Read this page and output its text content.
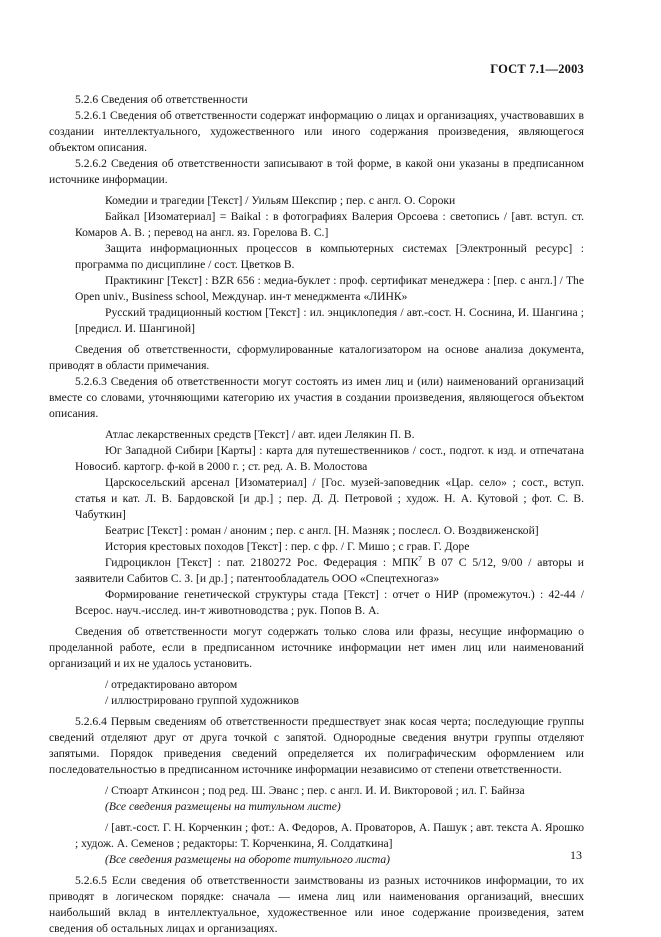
ГОСТ 7.1—2003

5.2.6 Сведения об ответственности

5.2.6.1 Сведения об ответственности содержат информацию о лицах и организациях, участвовавших в создании интеллектуального, художественного или иного содержания произведения, являющегося объектом описания.

5.2.6.2 Сведения об ответственности записывают в той форме, в какой они указаны в предписанном источнике информации.

Комедии и трагедии [Текст] / Уильям Шекспир ; пер. с англ. О. Сороки

Байкал [Изоматериал] = Baikal : в фотографиях Валерия Орсоева : светопись / [авт. вступ. ст. Комаров А. В. ; перевод на англ. яз. Горелова В. С.]

Защита информационных процессов в компьютерных системах [Электронный ресурс] : программа по дисциплине / сост. Цветков В.

Практикинг [Текст] : BZR 656 : медиа-буклет : проф. сертификат менеджера : [пер. с англ.] / The Open univ., Business school, Междунар. ин-т менеджмента «ЛИНК»

Русский традиционный костюм [Текст] : ил. энциклопедия / авт.-сост. Н. Соснина, И. Шангина ; [предисл. И. Шангиной]

Сведения об ответственности, сформулированные каталогизатором на основе анализа документа, приводят в области примечания.

5.2.6.3 Сведения об ответственности могут состоять из имен лиц и (или) наименований организаций вместе со словами, уточняющими категорию их участия в создании произведения, являющегося объектом описания.

Атлас лекарственных средств [Текст] / авт. идеи Лелякин П. В.

Юг Западной Сибири [Карты] : карта для путешественников / сост., подгот. к изд. и отпечатана Новосиб. картогр. ф-кой в 2000 г. ; ст. ред. А. В. Молостова

Царскосельский арсенал [Изоматериал] / [Гос. музей-заповедник «Цар. село» ; сост., вступ. статья и кат. Л. В. Бардовской [и др.] ; пер. Д. Д. Петровой ; худож. Н. А. Кутовой ; фот. С. В. Чабуткин]

Беатрис [Текст] : роман / аноним ; пер. с англ. [Н. Мазняк ; послесл. О. Воздвиженской]

История крестовых походов [Текст] : пер. с фр. / Г. Мишо ; с грав. Г. Доре

Гидроциклон [Текст] : пат. 2180272 Рос. Федерация : МПК$^7$ В 07 С 5/12, 9/00 / авторы и заявители Сабитов С. З. [и др.] ; патентообладатель ООО «Спецтехногаз»

Формирование генетической структуры стада [Текст] : отчет о НИР (промежуточ.) : 42-44 / Всерос. науч.-исслед. ин-т животноводства ; рук. Попов В. А.

Сведения об ответственности могут содержать только слова или фразы, несущие информацию о проделанной работе, если в предписанном источнике информации нет имен лиц или наименований организаций и их не удалось установить.

/ отредактировано автором

/ иллюстрировано группой художников

5.2.6.4 Первым сведениям об ответственности предшествует знак косая черта; последующие группы сведений отделяют друг от друга точкой с запятой. Однородные сведения внутри группы отделяют запятыми. Порядок приведения сведений определяется их полиграфическим оформлением или последовательностью в предписанном источнике информации независимо от степени ответственности.

/ Стюарт Аткинсон ; под ред. Ш. Эванс ; пер. с англ. И. И. Викторовой ; ил. Г. Байнза

(Все сведения размещены на титульном листе)

/ [авт.-сост. Г. Н. Корченкин ; фот.: А. Федоров, А. Проваторов, А. Пашук ; авт. текста А. Ярошко ; худож. А. Семенов ; редакторы: Т. Корченкина, Я. Солдаткина]

(Все сведения размещены на обороте титульного листа)

5.2.6.5 Если сведения об ответственности заимствованы из разных источников информации, то их приводят в логическом порядке: сначала — имена лиц или наименования организаций, внесших наибольший вклад в интеллектуальное, художественное или иное содержание произведения, затем сведения об остальных лицах и организациях.

13
